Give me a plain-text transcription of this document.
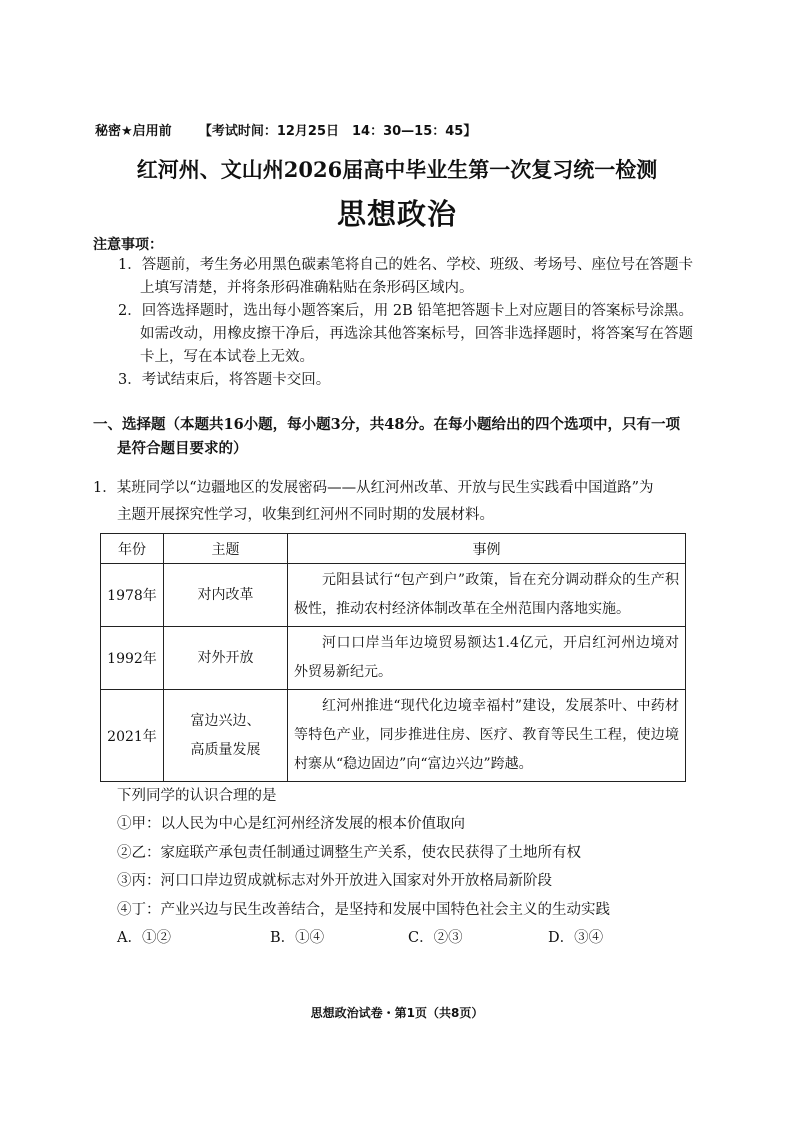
秘密★启用前 【考试时间：12月25日　14：30—15：45】
红河州、文山州2026届高中毕业生第一次复习统一检测
思想政治
注意事项：
1．答题前，考生务必用黑色碳素笔将自己的姓名、学校、班级、考场号、座位号在答题卡上填写清楚，并将条形码准确粘贴在条形码区域内。
2．回答选择题时，选出每小题答案后，用 2B 铅笔把答题卡上对应题目的答案标号涂黑。如需改动，用橡皮擦干净后，再选涂其他答案标号，回答非选择题时，将答案写在答题卡上，写在本试卷上无效。
3．考试结束后，将答题卡交回。
一、选择题（本题共16小题，每小题3分，共48分。在每小题给出的四个选项中，只有一项
是符合题目要求的）
1．某班同学以“边疆地区的发展密码——从红河州改革、开放与民生实践看中国道路”为
主题开展探究性学习，收集到红河州不同时期的发展材料。
年份	主题	事例
1978年	对内改革	元阳县试行“包产到户”政策，旨在充分调动群众的生产积极性，推动农村经济体制改革在全州范围内落地实施。
1992年	对外开放	河口口岸当年边境贸易额达1.4亿元，开启红河州边境对外贸易新纪元。
2021年	富边兴边、
高质量发展	红河州推进“现代化边境幸福村”建设，发展茶叶、中药材等特色产业，同步推进住房、医疗、教育等民生工程，使边境村寨从“稳边固边”向“富边兴边”跨越。
下列同学的认识合理的是
①甲：以人民为中心是红河州经济发展的根本价值取向
②乙：家庭联产承包责任制通过调整生产关系，使农民获得了土地所有权
③丙：河口口岸边贸成就标志对外开放进入国家对外开放格局新阶段
④丁：产业兴边与民生改善结合，是坚持和发展中国特色社会主义的生动实践
A．①②	B．①④	C．②③	D．③④
思想政治试卷・第1页（共8页）
